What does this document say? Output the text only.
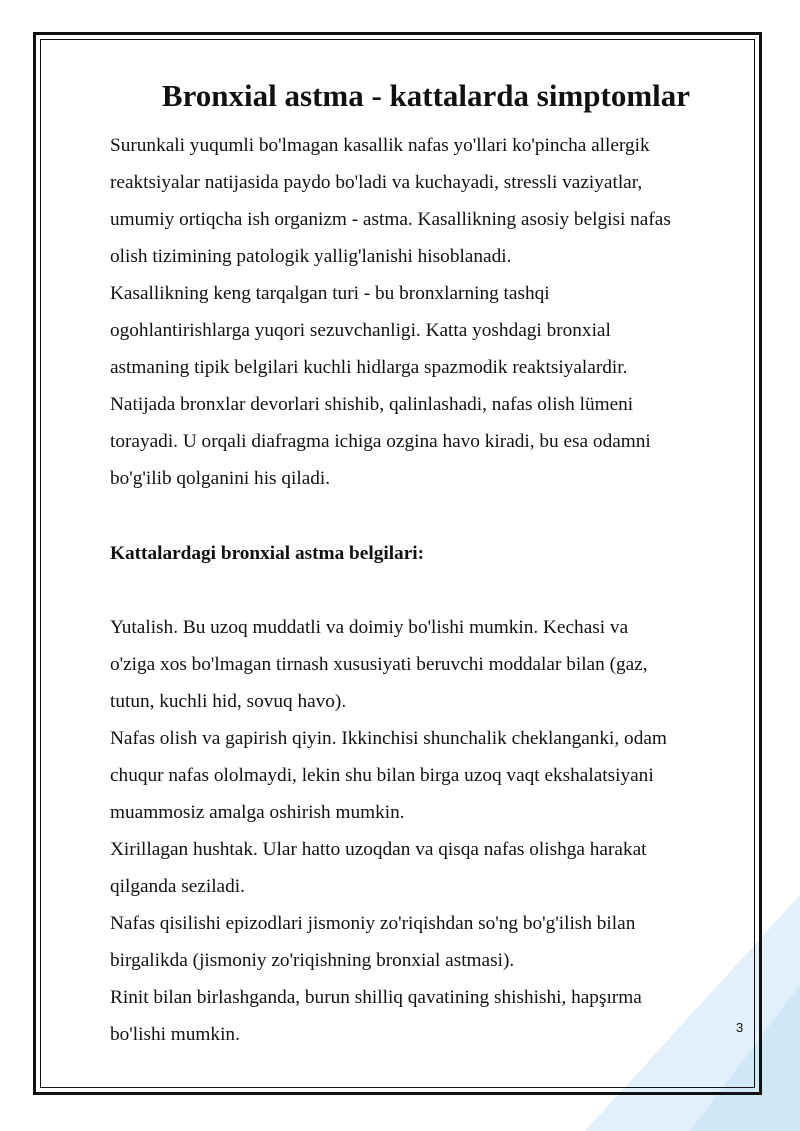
Bronxial astma - kattalarda simptomlar
Surunkali yuqumli bo'lmagan kasallik nafas yo'llari ko'pincha allergik
reaktsiyalar natijasida paydo bo'ladi va kuchayadi, stressli vaziyatlar,
umumiy ortiqcha ish organizm - astma. Kasallikning asosiy belgisi nafas
olish tizimining patologik yallig'lanishi hisoblanadi.
Kasallikning keng tarqalgan turi - bu bronxlarning tashqi
ogohlantirishlarga yuqori sezuvchanligi. Katta yoshdagi bronxial
astmaning tipik belgilari kuchli hidlarga spazmodik reaktsiyalardir.
Natijada bronxlar devorlari shishib, qalinlashadi, nafas olish lümeni
torayadi. U orqali diafragma ichiga ozgina havo kiradi, bu esa odamni
bo'g'ilib qolganini his qiladi.
Kattalardagi bronxial astma belgilari:
Yutalish. Bu uzoq muddatli va doimiy bo'lishi mumkin. Kechasi va
o'ziga xos bo'lmagan tirnash xususiyati beruvchi moddalar bilan (gaz,
tutun, kuchli hid, sovuq havo).
Nafas olish va gapirish qiyin. Ikkinchisi shunchalik cheklanganki, odam
chuqur nafas ololmaydi, lekin shu bilan birga uzoq vaqt ekshalatsiyani
muammosiz amalga oshirish mumkin.
Xirillagan hushtak. Ular hatto uzoqdan va qisqa nafas olishga harakat
qilganda seziladi.
Nafas qisilishi epizodlari jismoniy zo'riqishdan so'ng bo'g'ilish bilan
birgalikda (jismoniy zo'riqishning bronxial astmasi).
Rinit bilan birlashganda, burun shilliq qavatining shishishi, hapşırma
bo'lishi mumkin.	3
